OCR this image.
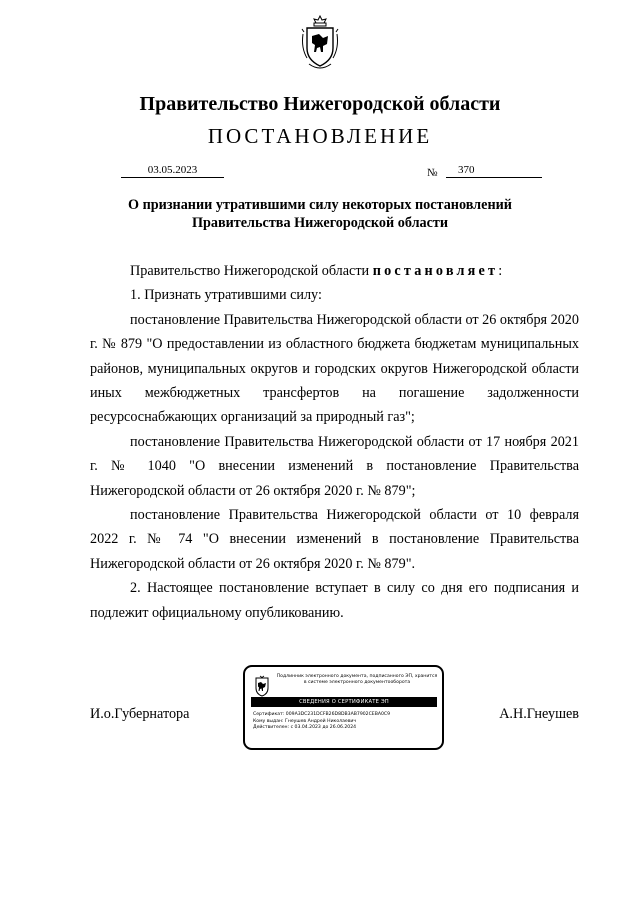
Правительство Нижегородской области
ПОСТАНОВЛЕНИЕ
03.05.2023	№	370
О признании утратившими силу некоторых постановлений
Правительства Нижегородской области

Правительство Нижегородской области постановляет:

1. Признать утратившими силу:

постановление Правительства Нижегородской области от 26 октября 2020 г. № 879 "О предоставлении из областного бюджета бюджетам муниципальных районов, муниципальных округов и городских округов Нижегородской области иных межбюджетных трансфертов на погашение задолженности ресурсоснабжающих организаций за природный газ";

постановление Правительства Нижегородской области от 17 ноября 2021 г. № 1040 "О внесении изменений в постановление Правительства Нижегородской области от 26 октября 2020 г. № 879";

постановление Правительства Нижегородской области от 10 февраля 2022 г. № 74 "О внесении изменений в постановление Правительства Нижегородской области от 26 октября 2020 г. № 879".

2. Настоящее постановление вступает в силу со дня его подписания и подлежит официальному опубликованию.

И.о.Губернатора	А.Н.Гнеушев
Подлинник электронного документа, подписанного ЭП, хранится в системе электронного документооборота
СВЕДЕНИЯ О СЕРТИФИКАТЕ ЭП
Сертификат: 009A3DC231DCFB26D8DB3AB7902CEBA0C9
Кому выдан: Гнеушев Андрей Николаевич
Действителен: с 03.04.2023 до 26.06.2024
